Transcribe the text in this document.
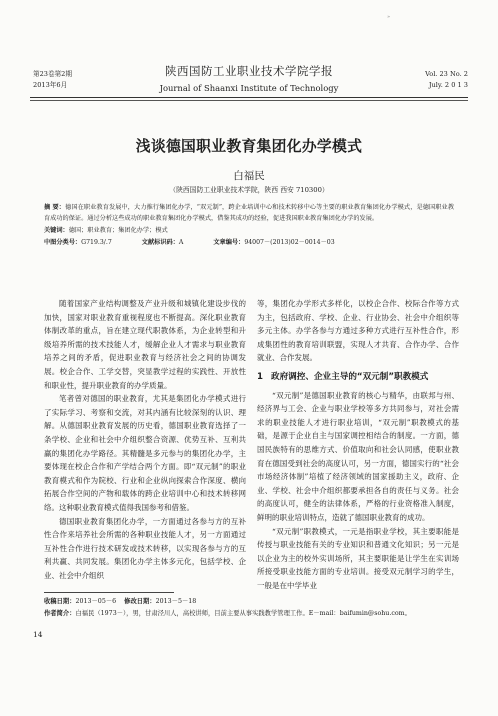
»
第23卷第2期
2013年6月
陕西国防工业职业技术学院学报
Journal of Shaanxi Institute of Technology
Vol. 23 No. 2
July. 2 0 1 3
浅谈德国职业教育集团化办学模式
白福民
（陕西国防工业职业技术学院，陕西 西安 710300）
摘 要：德国在职业教育发展中，大力推行集团化办学，“双元制”，跨企业培训中心和技术转移中心等主要的职业教育集团化办学模式，是德国职业教育成功的保证。通过分析这些成功的职业教育集团化办学模式，借鉴其成功的经验，促进我国职业教育集团化办学的发展。
关键词：德国；职业教育；集团化办学；模式
中图分类号：G719.3/.7	文献标识码：A	文章编号：94007－(2013)02－0014－03

随着国家产业结构调整及产业升级和城镇化建设步伐的加快，国家对职业教育重视程度也不断提高。深化职业教育体制改革的重点，旨在建立现代职教体系，为企业转型和升级培养所需的技术技能人才，缓解企业人才需求与职业教育培养之间的矛盾，促进职业教育与经济社会之间的协调发展。校企合作、工学交替，突显教学过程的实践性、开放性和职业性，提升职业教育的办学质量。

笔者曾对德国的职业教育，尤其是集团化办学模式进行了实际学习、考察和交流，对其内涵有比较深刻的认识、理解。从德国职业教育发展的历史看，德国职业教育选择了一条学校、企业和社会中介组织整合资源、优势互补、互利共赢的集团化办学路径。其精髓是多元参与的集团化办学，主要体现在校企合作和产学结合两个方面。即“双元制”的职业教育模式和作为院校、行业和企业纵向探索合作深度、横向拓展合作空间的产物和载体的跨企业培训中心和技术转移网络。这种职业教育模式值得我国参考和借鉴。

德国职业教育集团化办学，一方面通过各参与方的互补性合作来培养社会所需的各种职业技能人才，另一方面通过互补性合作进行技术研发或技术转移，以实现各参与方的互利共赢、共同发展。集团化办学主体多元化，包括学校、企业、社会中介组织

等，集团化办学形式多样化，以校企合作、校际合作等方式为主，包括政府、学校、企业、行业协会、社会中介组织等多元主体。办学各参与方通过多种方式进行互补性合作，形成集团性的教育培训联盟，实现人才共育、合作办学、合作就业、合作发展。

1 政府调控、企业主导的“双元制”职教模式

“双元制”是德国职业教育的核心与精华，由联邦与州、经济界与工会、企业与职业学校等多方共同参与，对社会需求的职业技能人才进行职业培训，“双元制”职教模式的基础，是源于企业自主与国家调控相结合的制度。一方面，德国民族特有的思维方式、价值取向和社会认同感，使职业教育在德国受到社会的高度认可，另一方面，德国实行的“社会市场经济体制”培植了经济领域的国家援助主义，政府、企业、学校、社会中介组织都要承担各自的责任与义务。社会的高度认可，健全的法律体系，严格的行业资格准入制度，鲜明的职业培训特点，造就了德国职业教育的成功。

“双元制”职教模式，一元是指职业学校，其主要职能是传授与职业技能有关的专业知识和普通文化知识；另一元是以企业为主的校外实训场所，其主要职能是让学生在实训场所接受职业技能方面的专业培训。接受双元制学习的学生，一般是在中学毕业

收稿日期：2013－05－6 修改日期：2013－5－18
作者简介：白福民（1973－），男，甘肃泾川人，高校讲师，目前主要从事实践教学管理工作。E－mail：baifumin@sohu.com。
14
